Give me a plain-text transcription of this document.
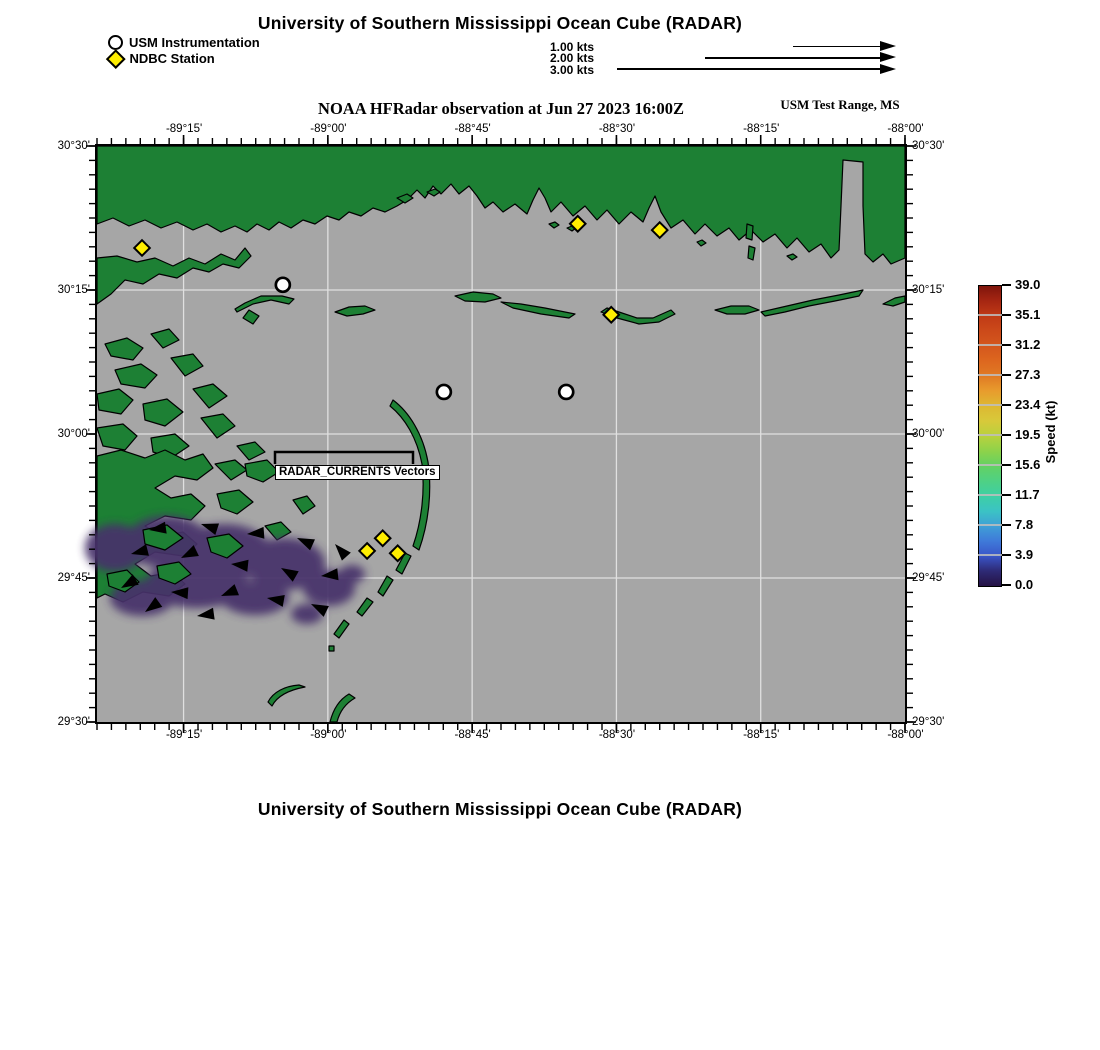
University of Southern Mississippi Ocean Cube (RADAR)
USM Instrumentation
NDBC Station
1.00 kts
2.00 kts
3.00 kts
NOAA HFRadar observation at Jun 27 2023 16:00Z	USM Test Range, MS
RADAR_CURRENTS Vectors
-89°15'
-89°15'
-89°00'
-89°00'
-88°45'
-88°45'
-88°30'
-88°30'
-88°15'
-88°15'
-88°00'
-88°00'
30°30'	30°30'
30°15'	30°15'
30°00'	30°00'
29°45'	29°45'
29°30'	29°30'
39.0
35.1
31.2
27.3
23.4
19.5
15.6
11.7
7.8
3.9
0.0
Speed (kt)
University of Southern Mississippi Ocean Cube (RADAR)
